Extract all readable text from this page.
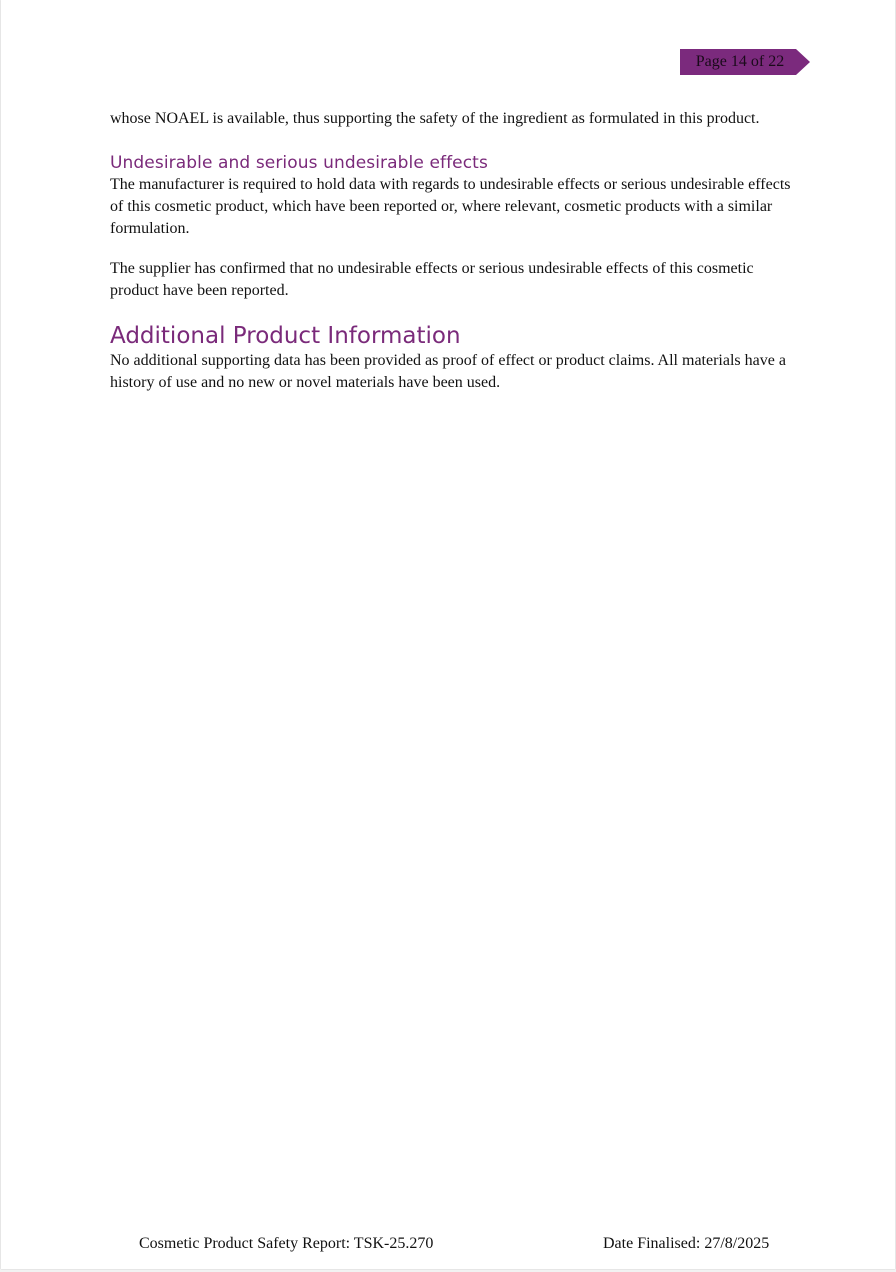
Page 14 of 22

whose NOAEL is available, thus supporting the safety of the ingredient as formulated in this product.

Undesirable and serious undesirable effects

The manufacturer is required to hold data with regards to undesirable effects or serious undesirable effects of this cosmetic product, which have been reported or, where relevant, cosmetic products with a similar formulation.

The supplier has confirmed that no undesirable effects or serious undesirable effects of this cosmetic product have been reported.

Additional Product Information

No additional supporting data has been provided as proof of effect or product claims. All materials have a history of use and no new or novel materials have been used.

Cosmetic Product Safety Report: TSK-25.270	Date Finalised: 27/8/2025
